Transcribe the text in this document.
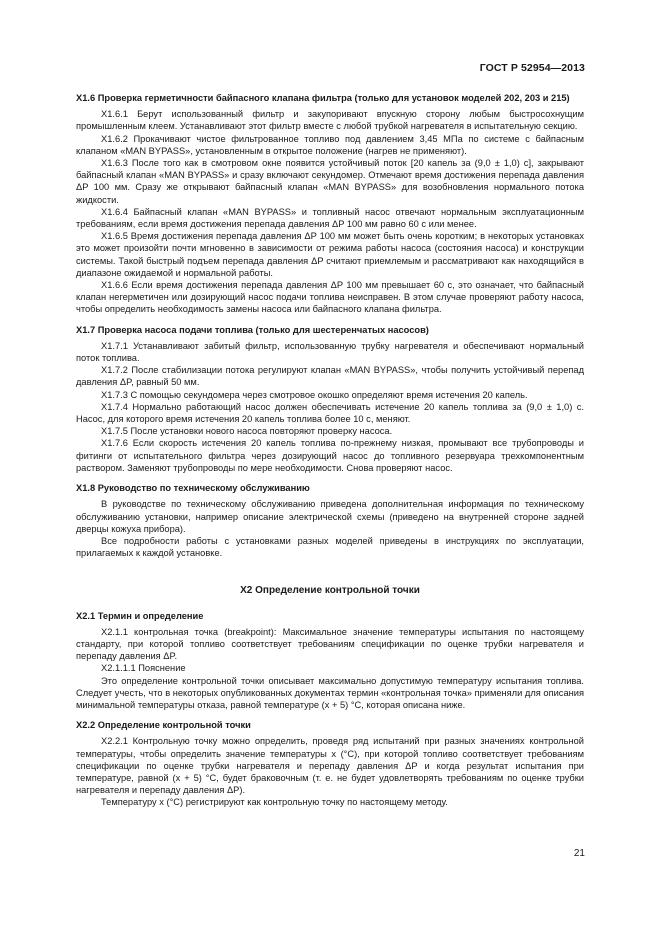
ГОСТ Р 52954—2013

X1.6 Проверка герметичности байпасного клапана фильтра (только для установок моделей 202, 203 и 215)

X1.6.1 Берут использованный фильтр и закупоривают впускную сторону любым быстросохнущим промышленным клеем. Устанавливают этот фильтр вместе с любой трубкой нагревателя в испытательную секцию.

X1.6.2 Прокачивают чистое фильтрованное топливо под давлением 3,45 МПа по системе с байпасным клапаном «MAN BYPASS», установленным в открытое положение (нагрев не применяют).

X1.6.3 После того как в смотровом окне появится устойчивый поток [20 капель за (9,0 ± 1,0) с], закрывают байпасный клапан «MAN BYPASS» и сразу включают секундомер. Отмечают время достижения перепада давления ΔP 100 мм. Сразу же открывают байпасный клапан «MAN BYPASS» для возобновления нормального потока жидкости.

X1.6.4 Байпасный клапан «MAN BYPASS» и топливный насос отвечают нормальным эксплуатационным требованиям, если время достижения перепада давления ΔP 100 мм равно 60 с или менее.

X1.6.5 Время достижения перепада давления ΔP 100 мм может быть очень коротким; в некоторых установках это может произойти почти мгновенно в зависимости от режима работы насоса (состояния насоса) и конструкции системы. Такой быстрый подъем перепада давления ΔP считают приемлемым и рассматривают как находящийся в диапазоне ожидаемой и нормальной работы.

X1.6.6 Если время достижения перепада давления ΔP 100 мм превышает 60 с, это означает, что байпасный клапан негерметичен или дозирующий насос подачи топлива неисправен. В этом случае проверяют работу насоса, чтобы определить необходимость замены насоса или байпасного клапана фильтра.

X1.7 Проверка насоса подачи топлива (только для шестеренчатых насосов)

X1.7.1 Устанавливают забитый фильтр, использованную трубку нагревателя и обеспечивают нормальный поток топлива.

X1.7.2 После стабилизации потока регулируют клапан «MAN BYPASS», чтобы получить устойчивый перепад давления ΔP, равный 50 мм.

X1.7.3 С помощью секундомера через смотровое окошко определяют время истечения 20 капель.

X1.7.4 Нормально работающий насос должен обеспечивать истечение 20 капель топлива за (9,0 ± 1,0) с. Насос, для которого время истечения 20 капель топлива более 10 с, меняют.

X1.7.5 После установки нового насоса повторяют проверку насоса.

X1.7.6 Если скорость истечения 20 капель топлива по-прежнему низкая, промывают все трубопроводы и фитинги от испытательного фильтра через дозирующий насос до топливного резервуара трехкомпонентным раствором. Заменяют трубопроводы по мере необходимости. Снова проверяют насос.

X1.8 Руководство по техническому обслуживанию

В руководстве по техническому обслуживанию приведена дополнительная информация по техническому обслуживанию установки, например описание электрической схемы (приведено на внутренней стороне задней дверцы кожуха прибора).

Все подробности работы с установками разных моделей приведены в инструкциях по эксплуатации, прилагаемых к каждой установке.

X2 Определение контрольной точки

X2.1 Термин и определение

X2.1.1 контрольная точка (breakpoint): Максимальное значение температуры испытания по настоящему стандарту, при которой топливо соответствует требованиям спецификации по оценке трубки нагревателя и перепаду давления ΔP.

X2.1.1.1 Пояснение

Это определение контрольной точки описывает максимально допустимую температуру испытания топлива. Следует учесть, что в некоторых опубликованных документах термин «контрольная точка» применяли для описания минимальной температуры отказа, равной температуре (x + 5) °С, которая описана ниже.

X2.2 Определение контрольной точки

X2.2.1 Контрольную точку можно определить, проведя ряд испытаний при разных значениях контрольной температуры, чтобы определить значение температуры x (°С), при которой топливо соответствует требованиям спецификации по оценке трубки нагревателя и перепаду давления ΔP и когда результат испытания при температуре, равной (x + 5) °С, будет браковочным (т. е. не будет удовлетворять требованиям по оценке трубки нагревателя и перепаду давления ΔP).

Температуру x (°С) регистрируют как контрольную точку по настоящему методу.

21
